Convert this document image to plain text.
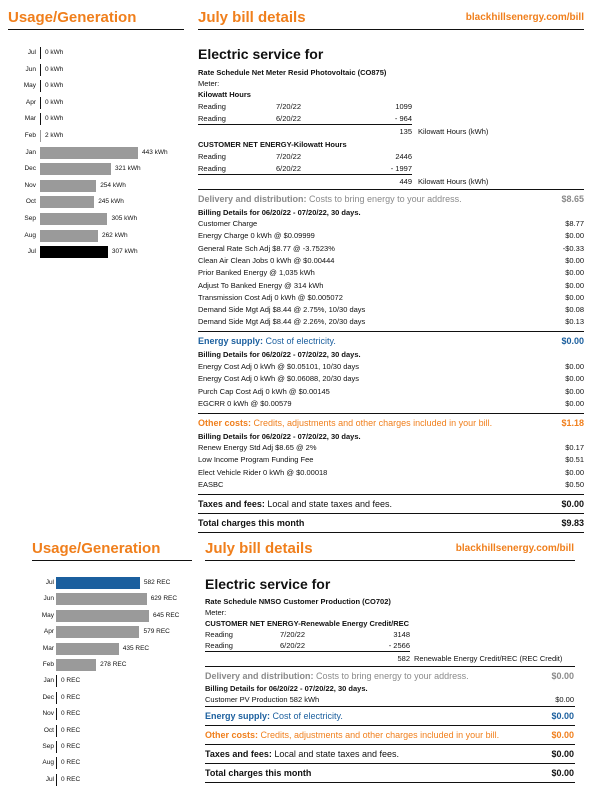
Usage/Generation	July bill details	blackhillsenergy.com/bill
Jul 0 kWh
Jun 0 kWh
May 0 kWh
Apr 0 kWh
Mar 0 kWh
Feb 2 kWh
Jan	443 kWh
Dec	321 kWh
Nov	254 kWh
Oct	245 kWh
Sep	305 kWh
Aug	262 kWh
Jul	307 kWh
Electric service for
Rate Schedule Net Meter Resid Photovoltaic (CO875)
Meter:
Kilowatt Hours
Reading	7/20/22	1099
Reading	6/20/22	- 964
135 Kilowatt Hours (kWh)
CUSTOMER NET ENERGY-Kilowatt Hours
Reading	7/20/22	2446
Reading	6/20/22	- 1997
449 Kilowatt Hours (kWh)
Delivery and distribution: Costs to bring energy to your address.	$8.65
Billing Details for 06/20/22 - 07/20/22, 30 days.
Customer Charge	$8.77
Energy Charge 0 kWh @ $0.09999	$0.00
General Rate Sch Adj $8.77 @ -3.7523%	-$0.33
Clean Air Clean Jobs 0 kWh @ $0.00444	$0.00
Prior Banked Energy @ 1,035 kWh	$0.00
Adjust To Banked Energy @ 314 kWh	$0.00
Transmission Cost Adj 0 kWh @ $0.005072	$0.00
Demand Side Mgt Adj $8.44 @ 2.75%, 10/30 days	$0.08
Demand Side Mgt Adj $8.44 @ 2.26%, 20/30 days	$0.13
Energy supply: Cost of electricity.	$0.00
Billing Details for 06/20/22 - 07/20/22, 30 days.
Energy Cost Adj 0 kWh @ $0.05101, 10/30 days	$0.00
Energy Cost Adj 0 kWh @ $0.06088, 20/30 days	$0.00
Purch Cap Cost Adj 0 kWh @ $0.00145	$0.00
EGCRR 0 kWh @ $0.00579	$0.00
Other costs: Credits, adjustments and other charges included in your bill.	$1.18
Billing Details for 06/20/22 - 07/20/22, 30 days.
Renew Energy Std Adj $8.65 @ 2%	$0.17
Low Income Program Funding Fee	$0.51
Elect Vehicle Rider 0 kWh @ $0.00018	$0.00
EASBC	$0.50
Taxes and fees: Local and state taxes and fees.	$0.00
Total charges this month	$9.83
Usage/Generation	July bill details	blackhillsenergy.com/bill
Jul	582 REC
Jun	629 REC
May	645 REC
Apr	579 REC
Mar	435 REC
Feb	278 REC
Jan 0 REC
Dec 0 REC
Nov 0 REC
Oct 0 REC
Sep 0 REC
Aug 0 REC
Jul 0 REC
Electric service for
Rate Schedule NMSO Customer Production (CO702)
Meter:
CUSTOMER NET ENERGY-Renewable Energy Credit/REC
Reading	7/20/22	3148
Reading	6/20/22	- 2566
582 Renewable Energy Credit/REC (REC Credit)
Delivery and distribution: Costs to bring energy to your address.	$0.00
Billing Details for 06/20/22 - 07/20/22, 30 days.
Customer PV Production 582 kWh	$0.00
Energy supply: Cost of electricity.	$0.00
Other costs: Credits, adjustments and other charges included in your bill.	$0.00
Taxes and fees: Local and state taxes and fees.	$0.00
Total charges this month	$0.00
